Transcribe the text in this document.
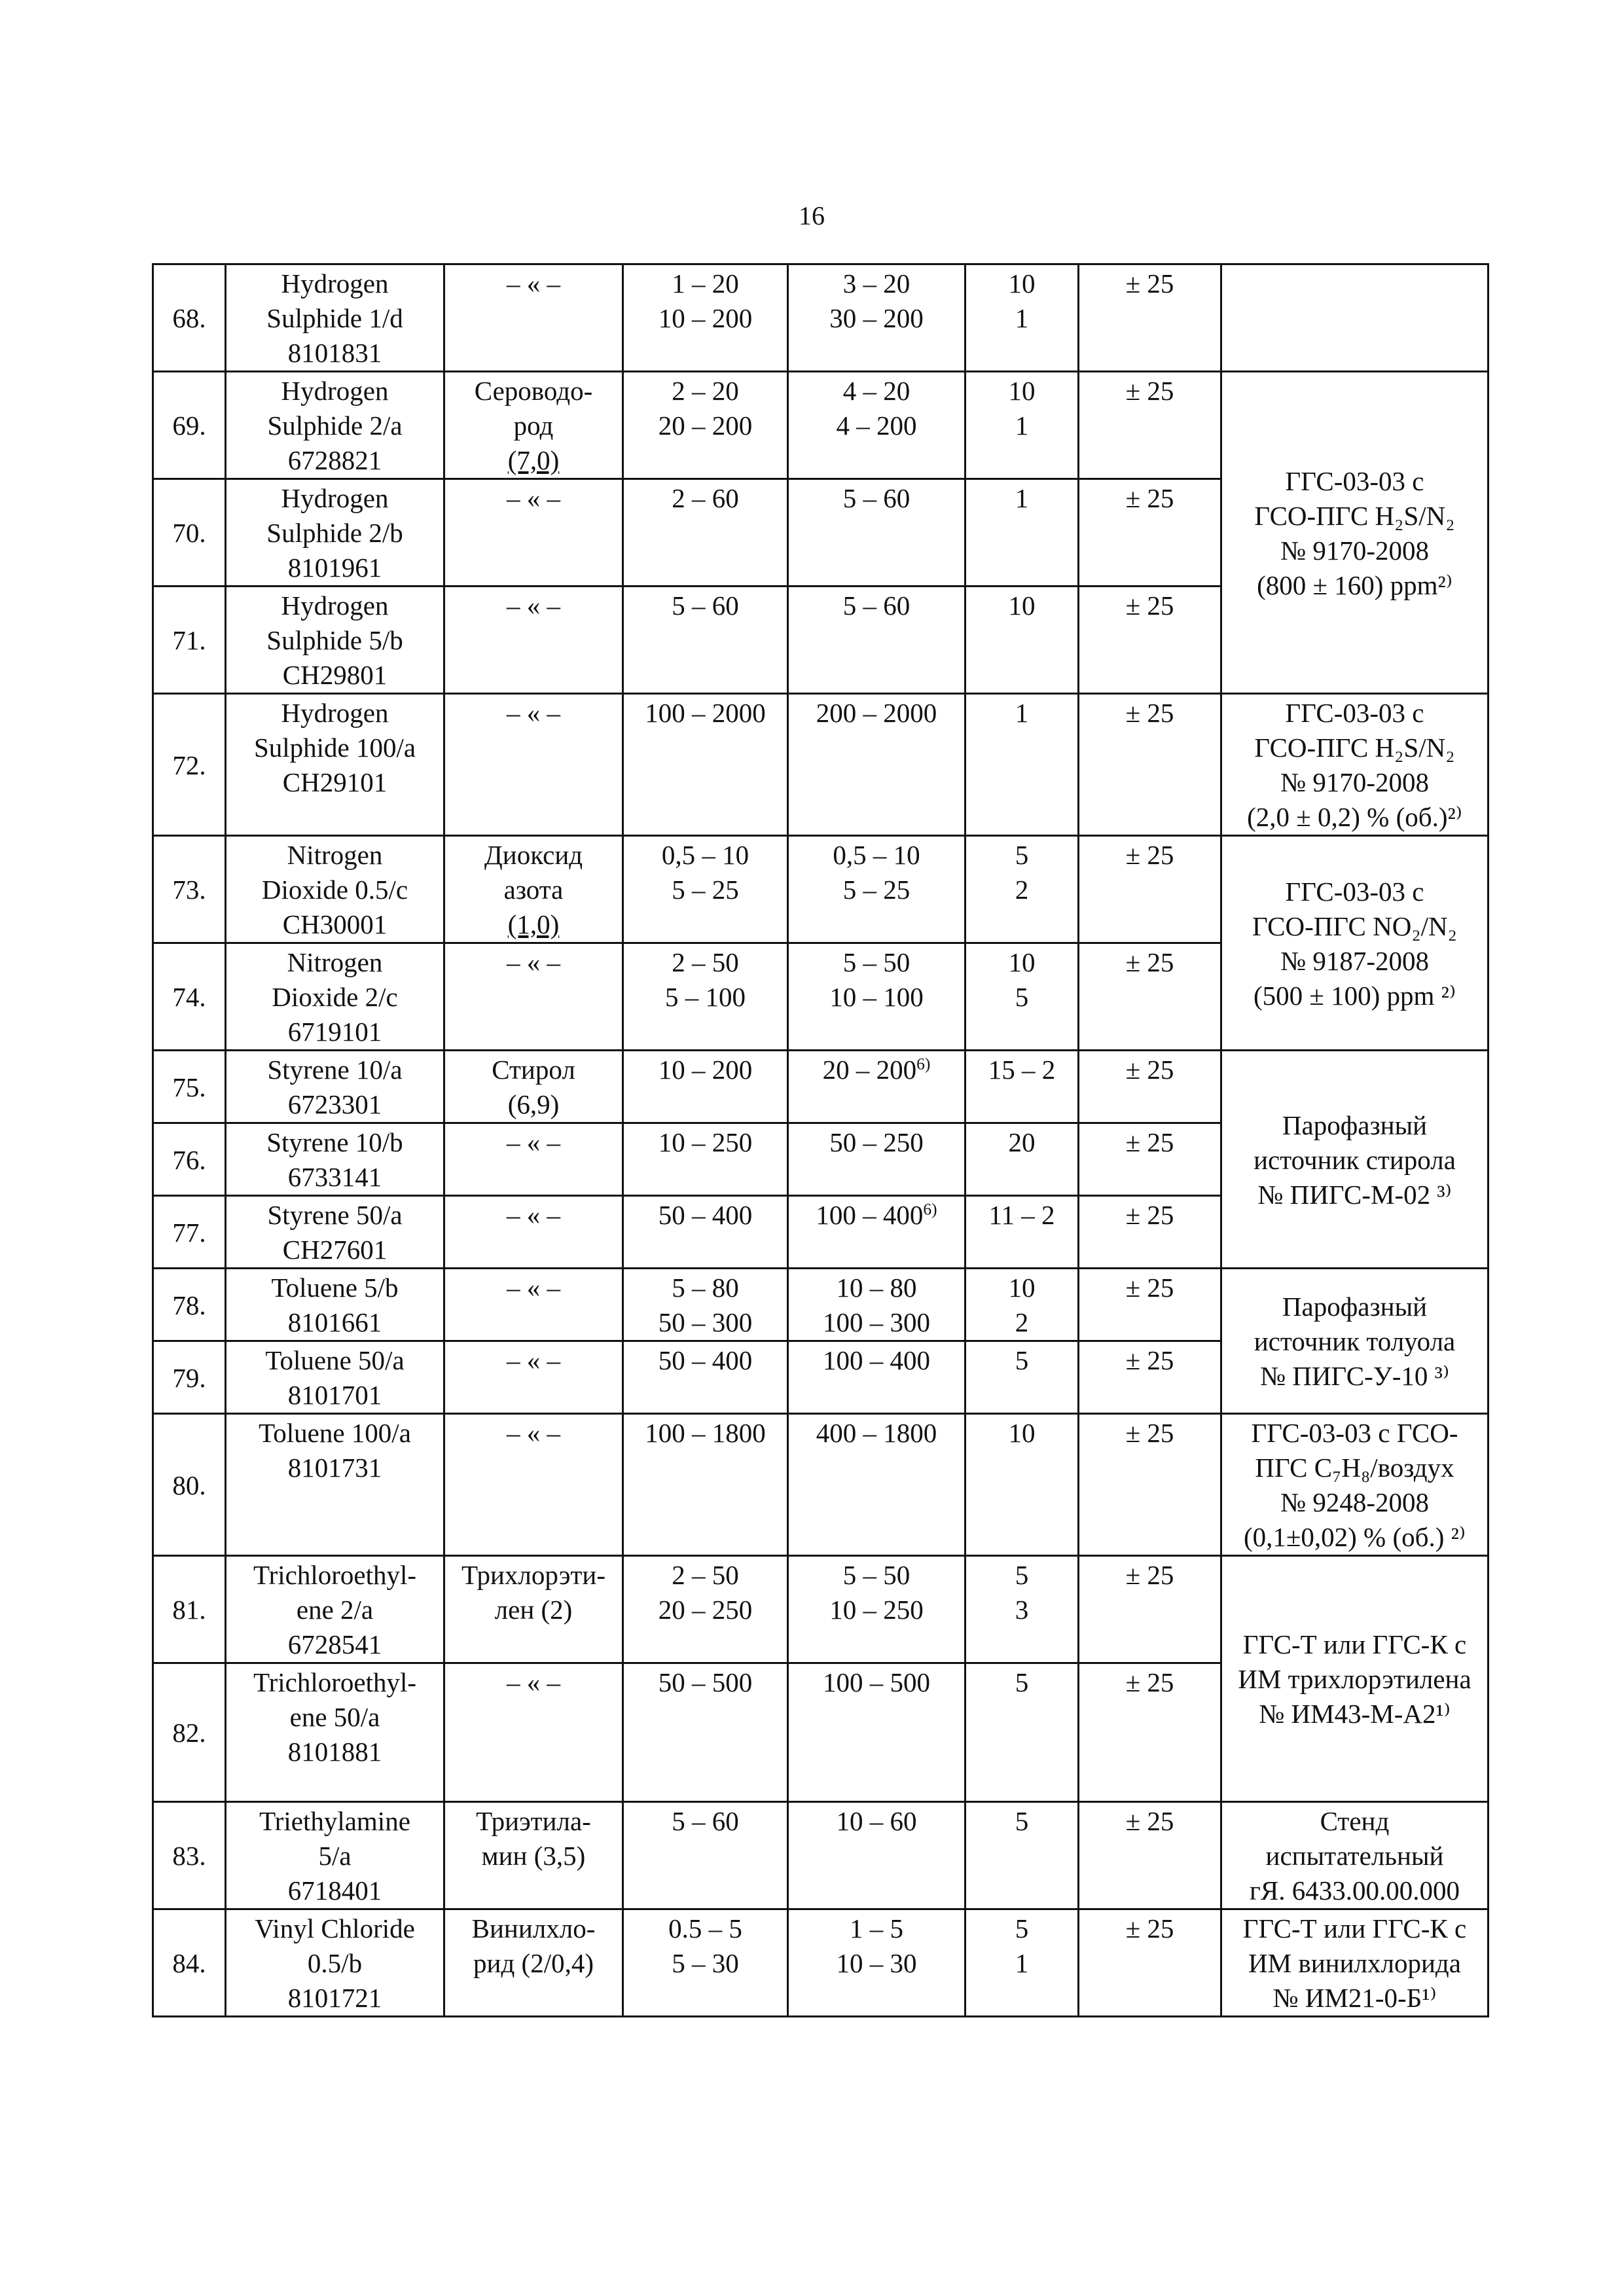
16
68.	Hydrogen
Sulphide 1/d
8101831	– « –	1 – 20
10 – 200	3 – 20
30 – 200	10
1	± 25	
69.	Hydrogen
Sulphide 2/a
6728821	Сероводо-
род
(7,0)	2 – 20
20 – 200	4 – 20
4 – 200	10
1	± 25	ГГС-03-03 с
ГСО-ПГС H₂S/N₂
№ 9170-2008
(800 ± 160) ppm²⁾

70.	Hydrogen
Sulphide 2/b
8101961	– « –	2 – 60	5 – 60	1	± 25	
71.	Hydrogen
Sulphide 5/b
CH29801	– « –	5 – 60	5 – 60	10	± 25	
72.	Hydrogen
Sulphide 100/a
CH29101	– « –	100 – 2000	200 – 2000	1	± 25	ГГС-03-03 с
ГСО-ПГС H₂S/N₂
№ 9170-2008
(2,0 ± 0,2) % (об.)²⁾

73.	Nitrogen
Dioxide 0.5/c
CH30001	Диоксид
азота
(1,0)	0,5 – 10
5 – 25	0,5 – 10
5 – 25	5
2	± 25	ГГС-03-03 с
ГСО-ПГС NO₂/N₂
№ 9187-2008
(500 ± 100) ppm ²⁾

74.	Nitrogen
Dioxide 2/c
6719101	– « –	2 – 50
5 – 100	5 – 50
10 – 100	10
5	± 25	
75.	Styrene 10/a
6723301	Стирол
(6,9)	10 – 200	20 – 200$^{6)}$	15 – 2	± 25	Парофазный
источник стирола
№ ПИГС-М-02 ³⁾

76.	Styrene 10/b
6733141	– « –	10 – 250	50 – 250	20	± 25	
77.	Styrene 50/a
CH27601	– « –	50 – 400	100 – 400$^{6)}$	11 – 2	± 25	
78.	Toluene 5/b
8101661	– « –	5 – 80
50 – 300	10 – 80
100 – 300	10
2	± 25	Парофазный
источник толуола
№ ПИГС-У-10 ³⁾

79.	Toluene 50/a
8101701	– « –	50 – 400	100 – 400	5	± 25	
80.	Toluene 100/a
8101731	– « –	100 – 1800	400 – 1800	10	± 25	ГГС-03-03 с ГСО-
ПГС C₇H₈/воздух
№ 9248-2008
(0,1±0,02) % (об.) ²⁾

81.	Trichloroethyl-
ene 2/a
6728541	Трихлорэти-
лен (2)	2 – 50
20 – 250	5 – 50
10 – 250	5
3	± 25	ГГС-Т или ГГС-К с
ИМ трихлорэтилена
№ ИМ43-М-А2¹⁾

82.	Trichloroethyl-
ene 50/a
8101881	– « –	50 – 500	100 – 500	5	± 25	
83.	Triethylamine
5/a
6718401	Триэтила-
мин (3,5)	5 – 60	10 – 60	5	± 25	Стенд
испытательный
гЯ. 6433.00.00.000

84.	Vinyl Chloride
0.5/b
8101721	Винилхло-
рид (2/0,4)	0.5 – 5
5 – 30	1 – 5
10 – 30	5
1	± 25	ГГС-Т или ГГС-К с
ИМ винилхлорида
№ ИМ21-0-Б¹⁾
